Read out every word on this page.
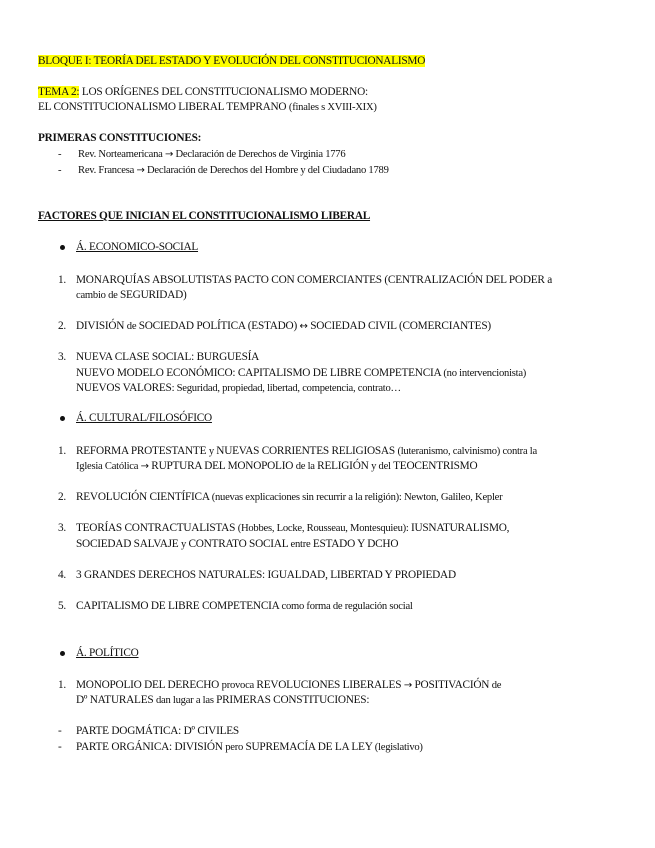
BLOQUE I: TEORÍA DEL ESTADO Y EVOLUCIÓN DEL CONSTITUCIONALISMO
TEMA 2: LOS ORÍGENES DEL CONSTITUCIONALISMO MODERNO:
EL CONSTITUCIONALISMO LIBERAL TEMPRANO (finales s XVIII-XIX)
PRIMERAS CONSTITUCIONES:
- Rev. Norteamericana → Declaración de Derechos de Virginia 1776
- Rev. Francesa → Declaración de Derechos del Hombre y del Ciudadano 1789
FACTORES QUE INICIAN EL CONSTITUCIONALISMO LIBERAL
Á. ECONOMICO-SOCIAL
1. MONARQUÍAS ABSOLUTISTAS PACTO CON COMERCIANTES (CENTRALIZACIÓN DEL PODER a
cambio de SEGURIDAD)
2. DIVISIÓN de SOCIEDAD POLÍTICA (ESTADO) ↔ SOCIEDAD CIVIL (COMERCIANTES)
3. NUEVA CLASE SOCIAL: BURGUESÍA
NUEVO MODELO ECONÓMICO: CAPITALISMO DE LIBRE COMPETENCIA (no intervencionista)
NUEVOS VALORES: Seguridad, propiedad, libertad, competencia, contrato…
Á. CULTURAL/FILOSÓFICO
1. REFORMA PROTESTANTE y NUEVAS CORRIENTES RELIGIOSAS (luteranismo, calvinismo) contra la
Iglesia Católica → RUPTURA DEL MONOPOLIO de la RELIGIÓN y del TEOCENTRISMO
2. REVOLUCIÓN CIENTÍFICA (nuevas explicaciones sin recurrir a la religión): Newton, Galileo, Kepler
3. TEORÍAS CONTRACTUALISTAS (Hobbes, Locke, Rousseau, Montesquieu): IUSNATURALISMO,
SOCIEDAD SALVAJE y CONTRATO SOCIAL entre ESTADO Y DCHO
4. 3 GRANDES DERECHOS NATURALES: IGUALDAD, LIBERTAD Y PROPIEDAD
5. CAPITALISMO DE LIBRE COMPETENCIA como forma de regulación social
Á. POLÍTICO
1. MONOPOLIO DEL DERECHO provoca REVOLUCIONES LIBERALES → POSITIVACIÓN de
Dº NATURALES dan lugar a las PRIMERAS CONSTITUCIONES:
- PARTE DOGMÁTICA: Dº CIVILES
- PARTE ORGÁNICA: DIVISIÓN pero SUPREMACÍA DE LA LEY (legislativo)
